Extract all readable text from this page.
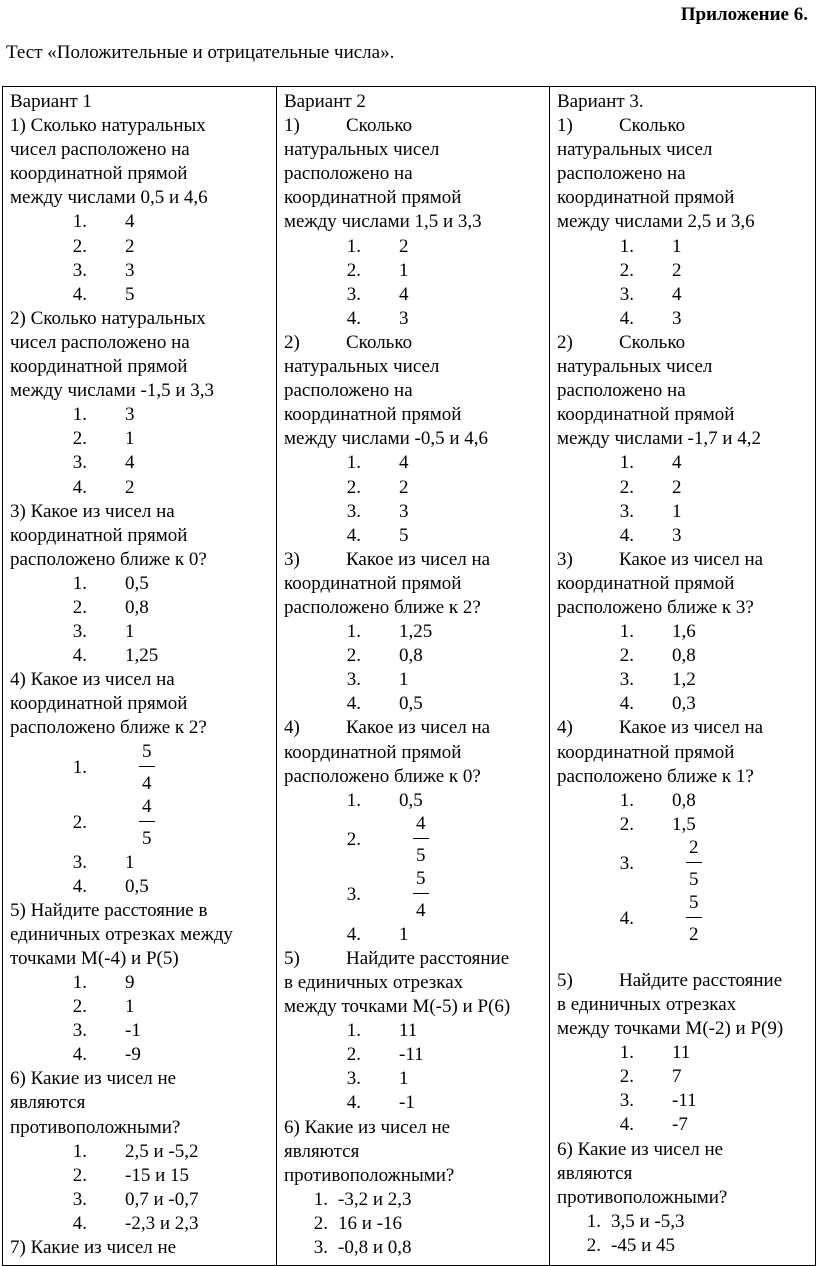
Приложение 6.
Тест «Положительные и отрицательные числа».
Вариант 1
1) Сколько натуральных
чисел расположено на
координатной прямой
между числами 0,5 и 4,6
1.	4
2.	2
3.	3
4.	5
2) Сколько натуральных
чисел расположено на
координатной прямой
между числами -1,5 и 3,3
1.	3
2.	1
3.	4
4.	2
3) Какое из чисел на
координатной прямой
расположено ближе к 0?
1.	0,5
2.	0,8
3.	1
4.	1,25
4) Какое из чисел на
координатной прямой
расположено ближе к 2?
1.	$\frac{5}{4}$
2.	$\frac{4}{5}$
3.	1
4.	0,5
5) Найдите расстояние в
единичных отрезках между
точками М(-4) и Р(5)
1.	9
2.	1
3.	-1
4.	-9
6) Какие из чисел не
являются
противоположными?
1.	2,5 и -5,2
2.	-15 и 15
3.	0,7 и -0,7
4.	-2,3 и 2,3
7) Какие из чисел не

Вариант 2
1)	Сколько
натуральных чисел
расположено на
координатной прямой
между числами 1,5 и 3,3
1.	2
2.	1
3.	4
4.	3
2)	Сколько
натуральных чисел
расположено на
координатной прямой
между числами -0,5 и 4,6
1.	4
2.	2
3.	3
4.	5
3)	Какое из чисел на
координатной прямой
расположено ближе к 2?
1.	1,25
2.	0,8
3.	1
4.	0,5
4)	Какое из чисел на
координатной прямой
расположено ближе к 0?
1.	0,5
2.	$\frac{4}{5}$
3.	$\frac{5}{4}$
4.	1
5)	Найдите расстояние
в единичных отрезках
между точками М(-5) и Р(6)
1.	11
2.	-11
3.	1
4.	-1
6) Какие из чисел не
являются
противоположными?
1. -3,2 и 2,3
2. 16 и -16
3. -0,8 и 0,8

Вариант 3.
1)	Сколько
натуральных чисел
расположено на
координатной прямой
между числами 2,5 и 3,6
1.	1
2.	2
3.	4
4.	3
2)	Сколько
натуральных чисел
расположено на
координатной прямой
между числами -1,7 и 4,2
1.	4
2.	2
3.	1
4.	3
3)	Какое из чисел на
координатной прямой
расположено ближе к 3?
1.	1,6
2.	0,8
3.	1,2
4.	0,3
4)	Какое из чисел на
координатной прямой
расположено ближе к 1?
1.	0,8
2.	1,5
3.	$\frac{2}{5}$
4.	$\frac{5}{2}$
5)	Найдите расстояние
в единичных отрезках
между точками М(-2) и Р(9)
1.	11
2.	7
3.	-11
4.	-7
6) Какие из чисел не
являются
противоположными?
1. 3,5 и -5,3
2. -45 и 45
